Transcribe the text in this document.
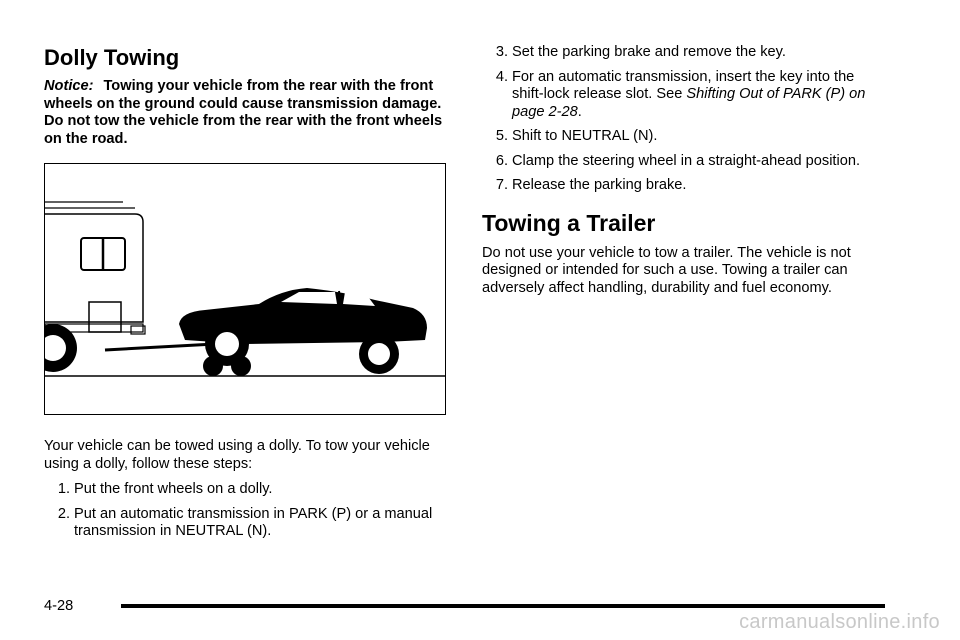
Dolly Towing

Notice: Towing your vehicle from the rear with the front wheels on the ground could cause transmission damage. Do not tow the vehicle from the rear with the front wheels on the road.

Your vehicle can be towed using a dolly. To tow your vehicle using a dolly, follow these steps:

1. Put the front wheels on a dolly.
2. Put an automatic transmission in PARK (P) or a manual transmission in NEUTRAL (N).
3. Set the parking brake and remove the key.
4. For an automatic transmission, insert the key into the shift-lock release slot. See Shifting Out of PARK (P) on page 2-28.
5. Shift to NEUTRAL (N).
6. Clamp the steering wheel in a straight-ahead position.
7. Release the parking brake.
Towing a Trailer

Do not use your vehicle to tow a trailer. The vehicle is not designed or intended for such a use. Towing a trailer can adversely affect handling, durability and fuel economy.

4-28
carmanualsonline.info
